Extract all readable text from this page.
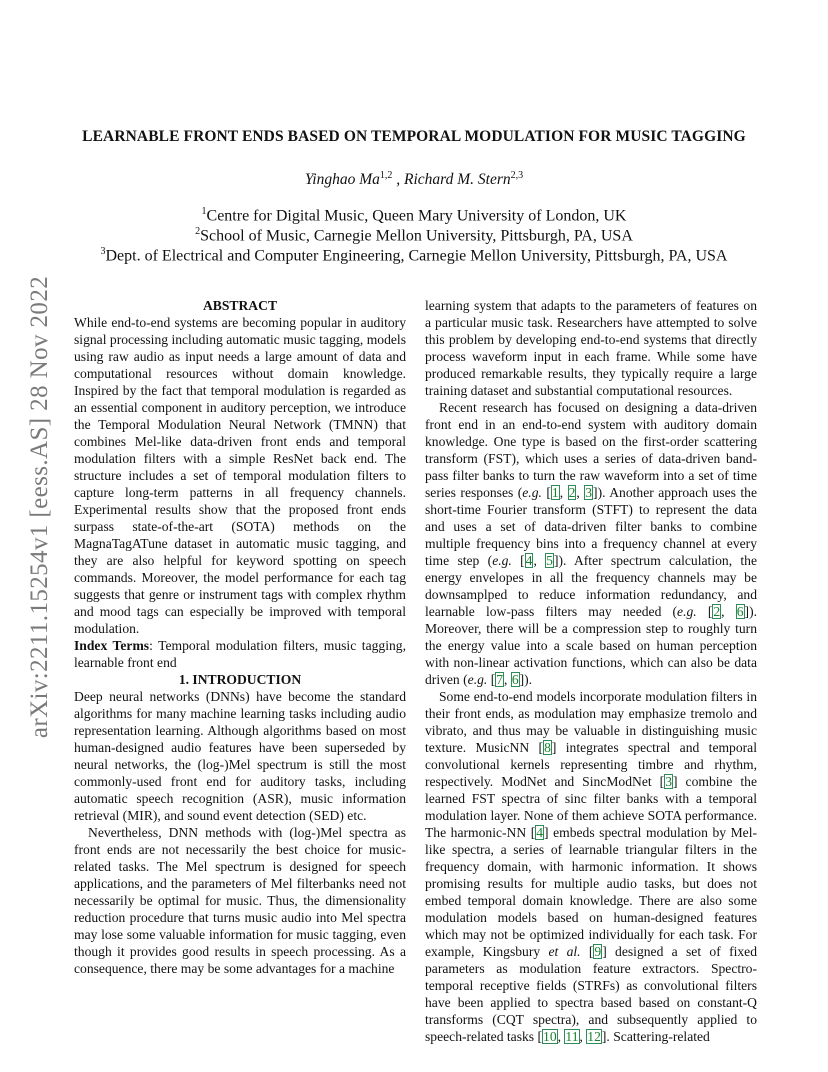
arXiv:2211.15254v1 [eess.AS] 28 Nov 2022
LEARNABLE FRONT ENDS BASED ON TEMPORAL MODULATION FOR MUSIC TAGGING
Yinghao Ma$^{1,2}$ , Richard M. Stern$^{2,3}$
$^1$Centre for Digital Music, Queen Mary University of London, UK
$^2$School of Music, Carnegie Mellon University, Pittsburgh, PA, USA
$^3$Dept. of Electrical and Computer Engineering, Carnegie Mellon University, Pittsburgh, PA, USA

ABSTRACT

While end-to-end systems are becoming popular in auditory signal processing including automatic music tagging, models using raw audio as input needs a large amount of data and computational resources without domain knowledge. Inspired by the fact that temporal modulation is regarded as an essential component in auditory perception, we introduce the Temporal Modulation Neural Network (TMNN) that combines Mel-like data-driven front ends and temporal modulation filters with a simple ResNet back end. The structure includes a set of temporal modulation filters to capture long-term patterns in all frequency channels. Experimental results show that the proposed front ends surpass state-of-the-art (SOTA) methods on the MagnaTagATune dataset in automatic music tagging, and they are also helpful for keyword spotting on speech commands. Moreover, the model performance for each tag suggests that genre or instrument tags with complex rhythm and mood tags can especially be improved with temporal modulation.

Index Terms: Temporal modulation filters, music tagging, learnable front end

1. INTRODUCTION

Deep neural networks (DNNs) have become the standard algorithms for many machine learning tasks including audio representation learning. Although algorithms based on most human-designed audio features have been superseded by neural networks, the (log-)Mel spectrum is still the most commonly-used front end for auditory tasks, including automatic speech recognition (ASR), music information retrieval (MIR), and sound event detection (SED) etc.

Nevertheless, DNN methods with (log-)Mel spectra as front ends are not necessarily the best choice for music-related tasks. The Mel spectrum is designed for speech applications, and the parameters of Mel filterbanks need not necessarily be optimal for music. Thus, the dimensionality reduction procedure that turns music audio into Mel spectra may lose some valuable information for music tagging, even though it provides good results in speech processing. As a consequence, there may be some advantages for a machine

learning system that adapts to the parameters of features on a particular music task. Researchers have attempted to solve this problem by developing end-to-end systems that directly process waveform input in each frame. While some have produced remarkable results, they typically require a large training dataset and substantial computational resources.

Recent research has focused on designing a data-driven front end in an end-to-end system with auditory domain knowledge. One type is based on the first-order scattering transform (FST), which uses a series of data-driven band-pass filter banks to turn the raw waveform into a set of time series responses (e.g. [1, 2, 3]). Another approach uses the short-time Fourier transform (STFT) to represent the data and uses a set of data-driven filter banks to combine multiple frequency bins into a frequency channel at every time step (e.g. [4, 5]). After spectrum calculation, the energy envelopes in all the frequency channels may be downsamplped to reduce information redundancy, and learnable low-pass filters may needed (e.g. [2, 6]). Moreover, there will be a compression step to roughly turn the energy value into a scale based on human perception with non-linear activation functions, which can also be data driven (e.g. [7, 6]).

Some end-to-end models incorporate modulation filters in their front ends, as modulation may emphasize tremolo and vibrato, and thus may be valuable in distinguishing music texture. MusicNN [8] integrates spectral and temporal convolutional kernels representing timbre and rhythm, respectively. ModNet and SincModNet [3] combine the learned FST spectra of sinc filter banks with a temporal modulation layer. None of them achieve SOTA performance. The harmonic-NN [4] embeds spectral modulation by Mel-like spectra, a series of learnable triangular filters in the frequency domain, with harmonic information. It shows promising results for multiple audio tasks, but does not embed temporal domain knowledge. There are also some modulation models based on human-designed features which may not be optimized individually for each task. For example, Kingsbury et al. [9] designed a set of fixed parameters as modulation feature extractors. Spectro-temporal receptive fields (STRFs) as convolutional filters have been applied to spectra based based on constant-Q transforms (CQT spectra), and subsequently applied to speech-related tasks [10, 11, 12]. Scattering-related
